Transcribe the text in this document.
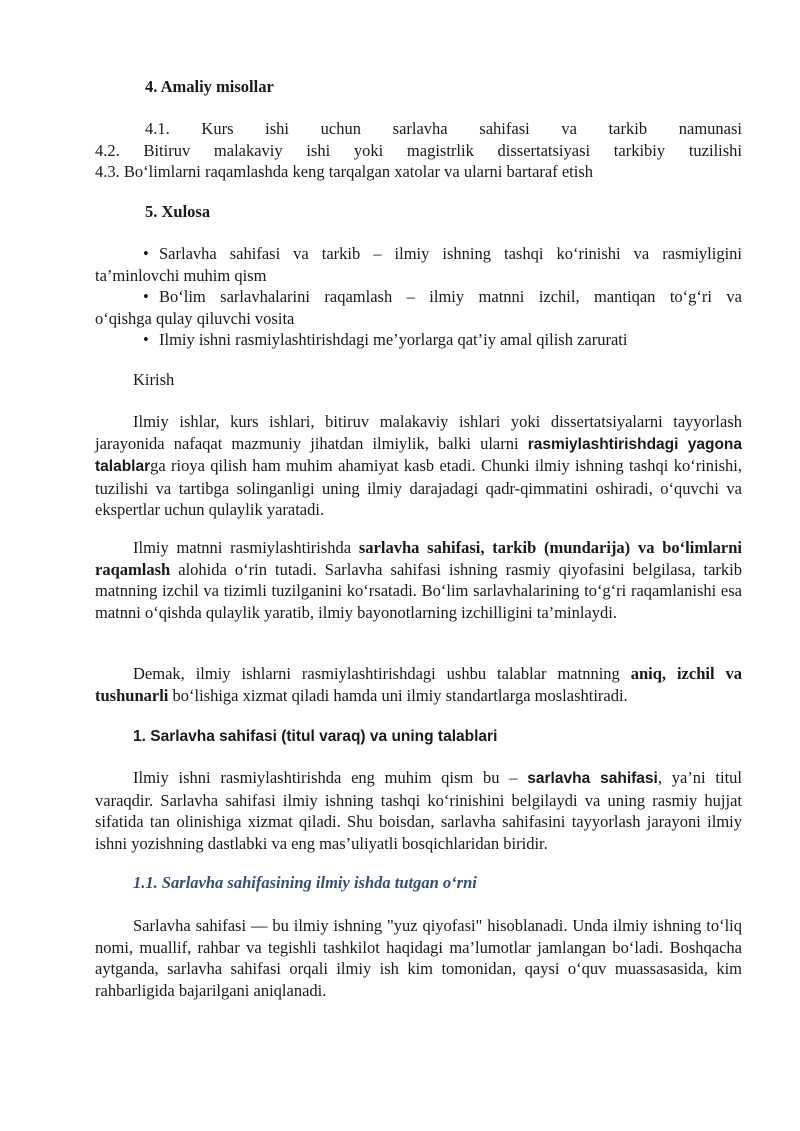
4. Amaliy misollar

4.1. Kurs ishi uchun sarlavha sahifasi va tarkib namunasi

4.2. Bitiruv malakaviy ishi yoki magistrlik dissertatsiyasi tarkibiy tuzilishi

4.3. Bo‘limlarni raqamlashda keng tarqalgan xatolar va ularni bartaraf etish

5. Xulosa

• Sarlavha sahifasi va tarkib – ilmiy ishning tashqi ko‘rinishi va rasmiyligini

ta’minlovchi muhim qism

• Bo‘lim sarlavhalarini raqamlash – ilmiy matnni izchil, mantiqan to‘g‘ri va

o‘qishga qulay qiluvchi vosita

• Ilmiy ishni rasmiylashtirishdagi me’yorlarga qat’iy amal qilish zarurati

Kirish

Ilmiy ishlar, kurs ishlari, bitiruv malakaviy ishlari yoki dissertatsiyalarni tayyorlash jarayonida nafaqat mazmuniy jihatdan ilmiylik, balki ularni rasmiylashtirishdagi yagona talablarga rioya qilish ham muhim ahamiyat kasb etadi. Chunki ilmiy ishning tashqi ko‘rinishi, tuzilishi va tartibga solinganligi uning ilmiy darajadagi qadr-qimmatini oshiradi, o‘quvchi va ekspertlar uchun qulaylik yaratadi.

Ilmiy matnni rasmiylashtirishda sarlavha sahifasi, tarkib (mundarija) va bo‘limlarni raqamlash alohida o‘rin tutadi. Sarlavha sahifasi ishning rasmiy qiyofasini belgilasa, tarkib matnning izchil va tizimli tuzilganini ko‘rsatadi. Bo‘lim sarlavhalarining to‘g‘ri raqamlanishi esa matnni o‘qishda qulaylik yaratib, ilmiy bayonotlarning izchilligini ta’minlaydi.

Demak, ilmiy ishlarni rasmiylashtirishdagi ushbu talablar matnning aniq, izchil va tushunarli bo‘lishiga xizmat qiladi hamda uni ilmiy standartlarga moslashtiradi.

1. Sarlavha sahifasi (titul varaq) va uning talablari

Ilmiy ishni rasmiylashtirishda eng muhim qism bu – sarlavha sahifasi, ya’ni titul varaqdir. Sarlavha sahifasi ilmiy ishning tashqi ko‘rinishini belgilaydi va uning rasmiy hujjat sifatida tan olinishiga xizmat qiladi. Shu boisdan, sarlavha sahifasini tayyorlash jarayoni ilmiy ishni yozishning dastlabki va eng mas’uliyatli bosqichlaridan biridir.

1.1. Sarlavha sahifasining ilmiy ishda tutgan o‘rni

Sarlavha sahifasi — bu ilmiy ishning "yuz qiyofasi" hisoblanadi. Unda ilmiy ishning to‘liq nomi, muallif, rahbar va tegishli tashkilot haqidagi ma’lumotlar jamlangan bo‘ladi. Boshqacha aytganda, sarlavha sahifasi orqali ilmiy ish kim tomonidan, qaysi o‘quv muassasasida, kim rahbarligida bajarilgani aniqlanadi.
